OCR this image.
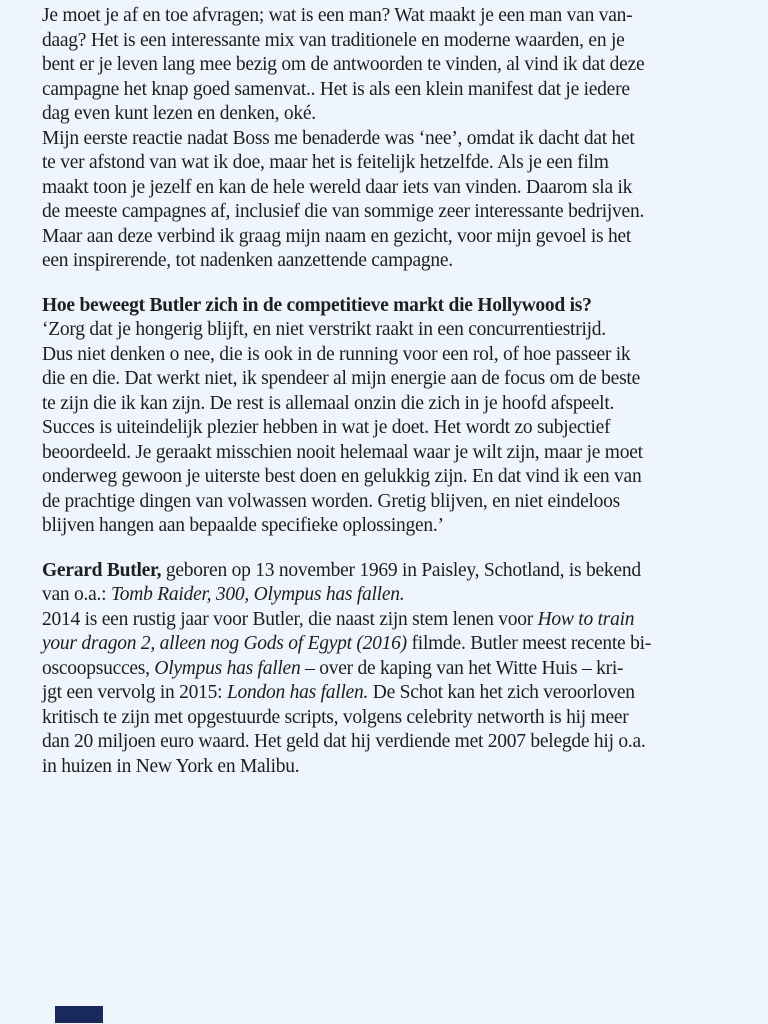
Je moet je af en toe afvragen; wat is een man? Wat maakt je een man van van-
daag? Het is een interessante mix van traditionele en moderne waarden, en je
bent er je leven lang mee bezig om de antwoorden te vinden, al vind ik dat deze
campagne het knap goed samenvat.. Het is als een klein manifest dat je iedere
dag even kunt lezen en denken, oké.
Mijn eerste reactie nadat Boss me benaderde was ‘nee’, omdat ik dacht dat het
te ver afstond van wat ik doe, maar het is feitelijk hetzelfde. Als je een film
maakt toon je jezelf en kan de hele wereld daar iets van vinden. Daarom sla ik
de meeste campagnes af, inclusief die van sommige zeer interessante bedrijven.
Maar aan deze verbind ik graag mijn naam en gezicht, voor mijn gevoel is het
een inspirerende, tot nadenken aanzettende campagne.
Hoe beweegt Butler zich in de competitieve markt die Hollywood is?
‘Zorg dat je hongerig blijft, en niet verstrikt raakt in een concurrentiestrijd.
Dus niet denken o nee, die is ook in de running voor een rol, of hoe passeer ik
die en die. Dat werkt niet, ik spendeer al mijn energie aan de focus om de beste
te zijn die ik kan zijn. De rest is allemaal onzin die zich in je hoofd afspeelt.
Succes is uiteindelijk plezier hebben in wat je doet. Het wordt zo subjectief
beoordeeld. Je geraakt misschien nooit helemaal waar je wilt zijn, maar je moet
onderweg gewoon je uiterste best doen en gelukkig zijn. En dat vind ik een van
de prachtige dingen van volwassen worden. Gretig blijven, en niet eindeloos
blijven hangen aan bepaalde specifieke oplossingen.’
Gerard Butler, geboren op 13 november 1969 in Paisley, Schotland, is bekend
van o.a.: Tomb Raider, 300, Olympus has fallen.
2014 is een rustig jaar voor Butler, die naast zijn stem lenen voor How to train
your dragon 2, alleen nog Gods of Egypt (2016) filmde. Butler meest recente bi-
oscoopsucces, Olympus has fallen – over de kaping van het Witte Huis – kri-
jgt een vervolg in 2015: London has fallen. De Schot kan het zich veroorloven
kritisch te zijn met opgestuurde scripts, volgens celebrity networth is hij meer
dan 20 miljoen euro waard. Het geld dat hij verdiende met 2007 belegde hij o.a.
in huizen in New York en Malibu.
